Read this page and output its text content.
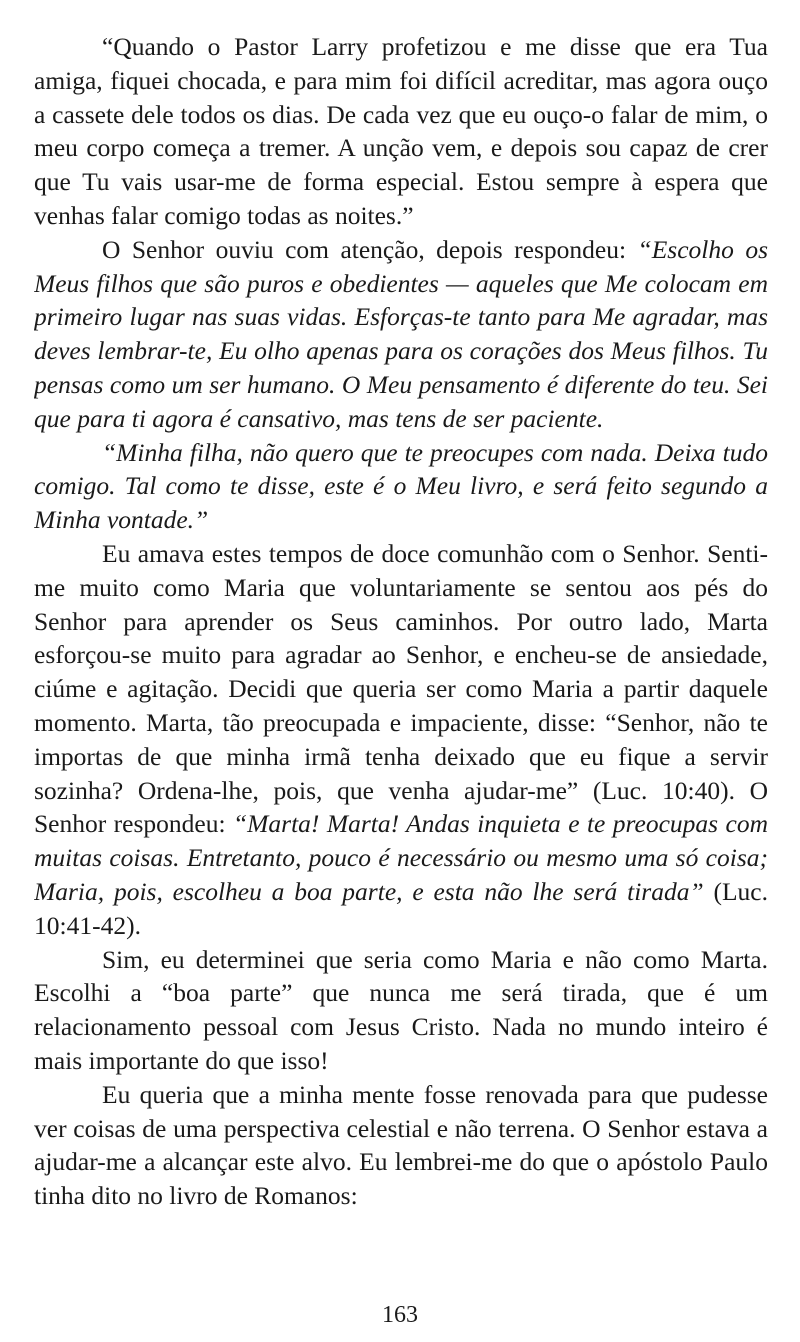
“Quando o Pastor Larry profetizou e me disse que era Tua amiga, fiquei chocada, e para mim foi difícil acreditar, mas agora ouço a cassete dele todos os dias. De cada vez que eu ouço-o falar de mim, o meu corpo começa a tremer. A unção vem, e depois sou capaz de crer que Tu vais usar-me de forma especial. Estou sempre à espera que venhas falar comigo todas as noites.”

O Senhor ouviu com atenção, depois respondeu: “Escolho os Meus filhos que são puros e obedientes — aqueles que Me colocam em primeiro lugar nas suas vidas. Esforças-te tanto para Me agradar, mas deves lembrar-te, Eu olho apenas para os corações dos Meus filhos. Tu pensas como um ser humano. O Meu pensamento é diferente do teu. Sei que para ti agora é cansativo, mas tens de ser paciente.

“Minha filha, não quero que te preocupes com nada. Deixa tudo comigo. Tal como te disse, este é o Meu livro, e será feito segundo a Minha vontade.”

Eu amava estes tempos de doce comunhão com o Senhor. Senti-me muito como Maria que voluntariamente se sentou aos pés do Senhor para aprender os Seus caminhos. Por outro lado, Marta esforçou-se muito para agradar ao Senhor, e encheu-se de ansiedade, ciúme e agitação. Decidi que queria ser como Maria a partir daquele momento. Marta, tão preocupada e impaciente, disse: “Senhor, não te importas de que minha irmã tenha deixado que eu fique a servir sozinha? Ordena-lhe, pois, que venha ajudar-me” (Luc. 10:40). O Senhor respondeu: “Marta! Marta! Andas inquieta e te preocupas com muitas coisas. Entretanto, pouco é necessário ou mesmo uma só coisa; Maria, pois, escolheu a boa parte, e esta não lhe será tirada” (Luc. 10:41-42).

Sim, eu determinei que seria como Maria e não como Marta. Escolhi a “boa parte” que nunca me será tirada, que é um relacionamento pessoal com Jesus Cristo. Nada no mundo inteiro é mais importante do que isso!

Eu queria que a minha mente fosse renovada para que pudesse ver coisas de uma perspectiva celestial e não terrena. O Senhor estava a ajudar-me a alcançar este alvo. Eu lembrei-me do que o apóstolo Paulo tinha dito no livro de Romanos:

163
